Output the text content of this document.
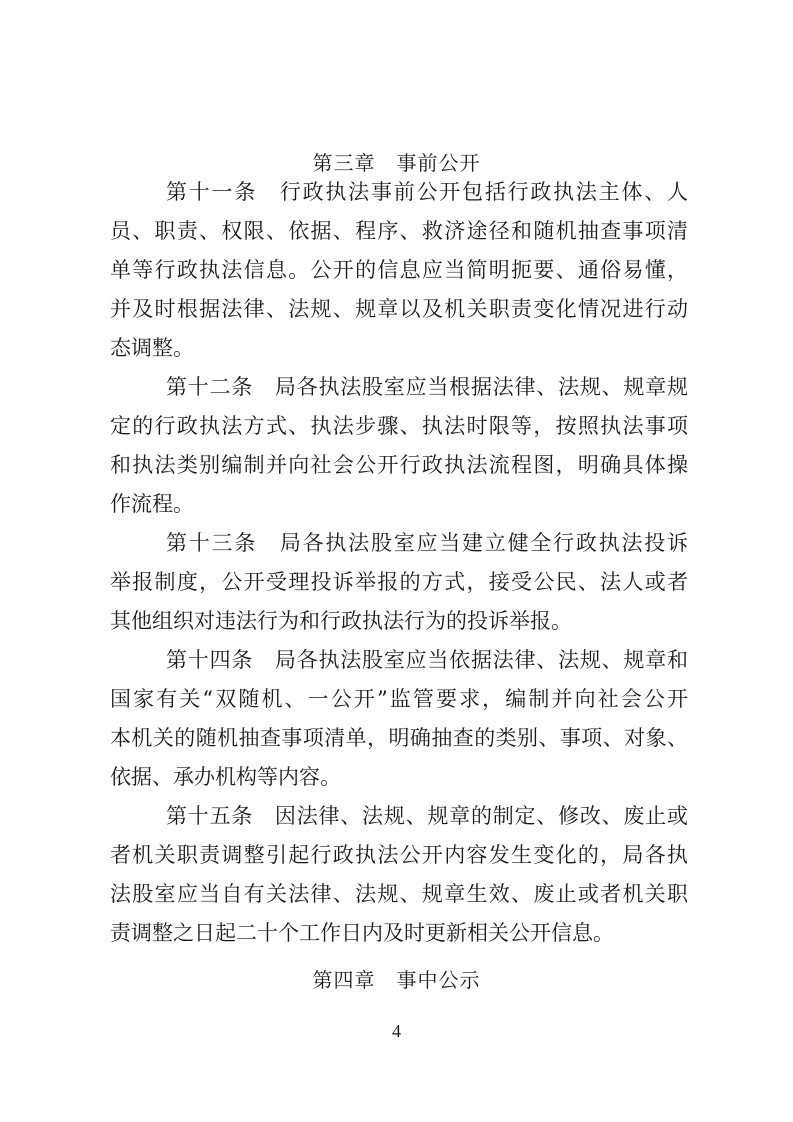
第三章　事前公开
第十一条　行政执法事前公开包括行政执法主体、人
员、职责、权限、依据、程序、救济途径和随机抽查事项清
单等行政执法信息。公开的信息应当简明扼要、通俗易懂，
并及时根据法律、法规、规章以及机关职责变化情况进行动
态调整。
第十二条　局各执法股室应当根据法律、法规、规章规
定的行政执法方式、执法步骤、执法时限等，按照执法事项
和执法类别编制并向社会公开行政执法流程图，明确具体操
作流程。
第十三条　局各执法股室应当建立健全行政执法投诉
举报制度，公开受理投诉举报的方式，接受公民、法人或者
其他组织对违法行为和行政执法行为的投诉举报。
第十四条　局各执法股室应当依据法律、法规、规章和
国家有关“双随机、一公开”监管要求，编制并向社会公开
本机关的随机抽查事项清单，明确抽查的类别、事项、对象、
依据、承办机构等内容。
第十五条　因法律、法规、规章的制定、修改、废止或
者机关职责调整引起行政执法公开内容发生变化的，局各执
法股室应当自有关法律、法规、规章生效、废止或者机关职
责调整之日起二十个工作日内及时更新相关公开信息。
第四章　事中公示
4
